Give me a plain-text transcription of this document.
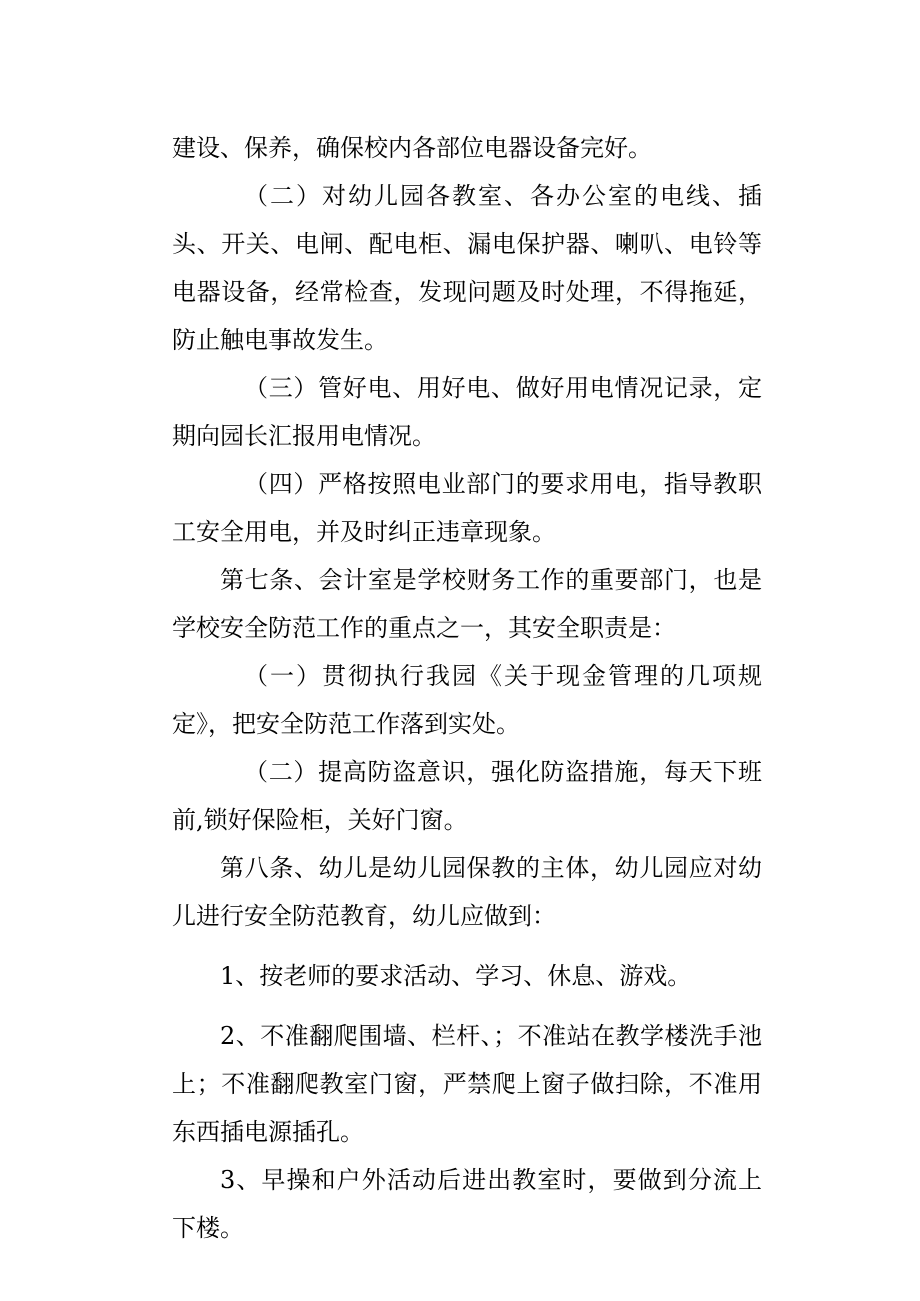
建设、保养，确保校内各部位电器设备完好。

（二）对幼儿园各教室、各办公室的电线、插头、开关、电闸、配电柜、漏电保护器、喇叭、电铃等电器设备，经常检查，发现问题及时处理，不得拖延，防止触电事故发生。

（三）管好电、用好电、做好用电情况记录，定期向园长汇报用电情况。

（四）严格按照电业部门的要求用电，指导教职工安全用电，并及时纠正违章现象。

第七条、会计室是学校财务工作的重要部门，也是学校安全防范工作的重点之一，其安全职责是：

（一）贯彻执行我园《关于现金管理的几项规定》，把安全防范工作落到实处。

（二）提高防盗意识，强化防盗措施，每天下班前,锁好保险柜，关好门窗。

第八条、幼儿是幼儿园保教的主体，幼儿园应对幼儿进行安全防范教育，幼儿应做到：

1、按老师的要求活动、学习、休息、游戏。

2、不准翻爬围墙、栏杆、；不准站在教学楼洗手池上；不准翻爬教室门窗，严禁爬上窗子做扫除，不准用东西插电源插孔。

3、早操和户外活动后进出教室时，要做到分流上下楼。
